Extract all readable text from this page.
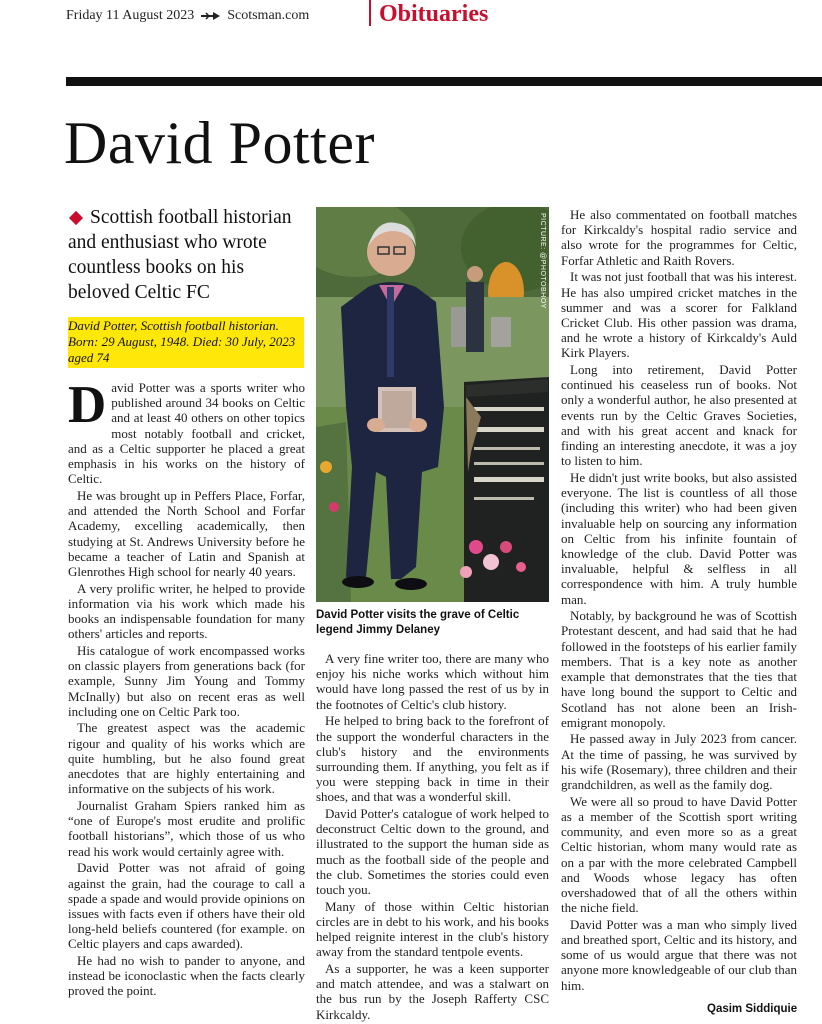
Friday 11 August 2023 Scotsman.com	Obituaries
David Potter
Scottish football historian and enthusiast who wrote countless books on his beloved Celtic FC
David Potter, Scottish football historian. Born: 29 August, 1948. Died: 30 July, 2023 aged 74

David Potter was a sports writer who published around 34 books on Celtic and at least 40 others on other topics most notably football and cricket, and as a Celtic supporter he placed a great emphasis in his works on the history of Celtic.

He was brought up in Peffers Place, Forfar, and attended the North School and Forfar Academy, excelling academically, then studying at St. Andrews University before he became a teacher of Latin and Spanish at Glenrothes High school for nearly 40 years.

A very prolific writer, he helped to provide information via his work which made his books an indispensable foundation for many others' articles and reports.

His catalogue of work encompassed works on classic players from generations back (for example, Sunny Jim Young and Tommy McInally) but also on recent eras as well including one on Celtic Park too.

The greatest aspect was the academic rigour and quality of his works which are quite humbling, but he also found great anecdotes that are highly entertaining and informative on the subjects of his work.

Journalist Graham Spiers ranked him as “one of Europe's most erudite and prolific football historians”, which those of us who read his work would certainly agree with.

David Potter was not afraid of going against the grain, had the courage to call a spade a spade and would provide opinions on issues with facts even if others have their old long-held beliefs countered (for example. on Celtic players and caps awarded).

He had no wish to pander to anyone, and instead be iconoclastic when the facts clearly proved the point.

PICTURE: @PHOTOBHOY
David Potter visits the grave of Celtic legend Jimmy Delaney

A very fine writer too, there are many who enjoy his niche works which without him would have long passed the rest of us by in the footnotes of Celtic's club history.

He helped to bring back to the forefront of the support the wonderful characters in the club's history and the environments surrounding them. If anything, you felt as if you were stepping back in time in their shoes, and that was a wonderful skill.

David Potter's catalogue of work helped to deconstruct Celtic down to the ground, and illustrated to the support the human side as much as the football side of the people and the club. Sometimes the stories could even touch you.

Many of those within Celtic historian circles are in debt to his work, and his books helped reignite interest in the club's history away from the standard tentpole events.

As a supporter, he was a keen supporter and match attendee, and was a stalwart on the bus run by the Joseph Rafferty CSC Kirkcaldy.

He also commentated on football matches for Kirkcaldy's hospital radio service and also wrote for the programmes for Celtic, Forfar Athletic and Raith Rovers.

It was not just football that was his interest. He has also umpired cricket matches in the summer and was a scorer for Falkland Cricket Club. His other passion was drama, and he wrote a history of Kirkcaldy's Auld Kirk Players.

Long into retirement, David Potter continued his ceaseless run of books. Not only a wonderful author, he also presented at events run by the Celtic Graves Societies, and with his great accent and knack for finding an interesting anecdote, it was a joy to listen to him.

He didn't just write books, but also assisted everyone. The list is countless of all those (including this writer) who had been given invaluable help on sourcing any information on Celtic from his infinite fountain of knowledge of the club. David Potter was invaluable, helpful & selfless in all correspondence with him. A truly humble man.

Notably, by background he was of Scottish Protestant descent, and had said that he had followed in the footsteps of his earlier family members. That is a key note as another example that demonstrates that the ties that have long bound the support to Celtic and Scotland has not alone been an Irish-emigrant monopoly.

He passed away in July 2023 from cancer. At the time of passing, he was survived by his wife (Rosemary), three children and their grandchildren, as well as the family dog.

We were all so proud to have David Potter as a member of the Scottish sport writing community, and even more so as a great Celtic historian, whom many would rate as on a par with the more celebrated Campbell and Woods whose legacy has often overshadowed that of all the others within the niche field.

David Potter was a man who simply lived and breathed sport, Celtic and its history, and some of us would argue that there was not anyone more knowledgeable of our club than him.

Qasim Siddiquie
